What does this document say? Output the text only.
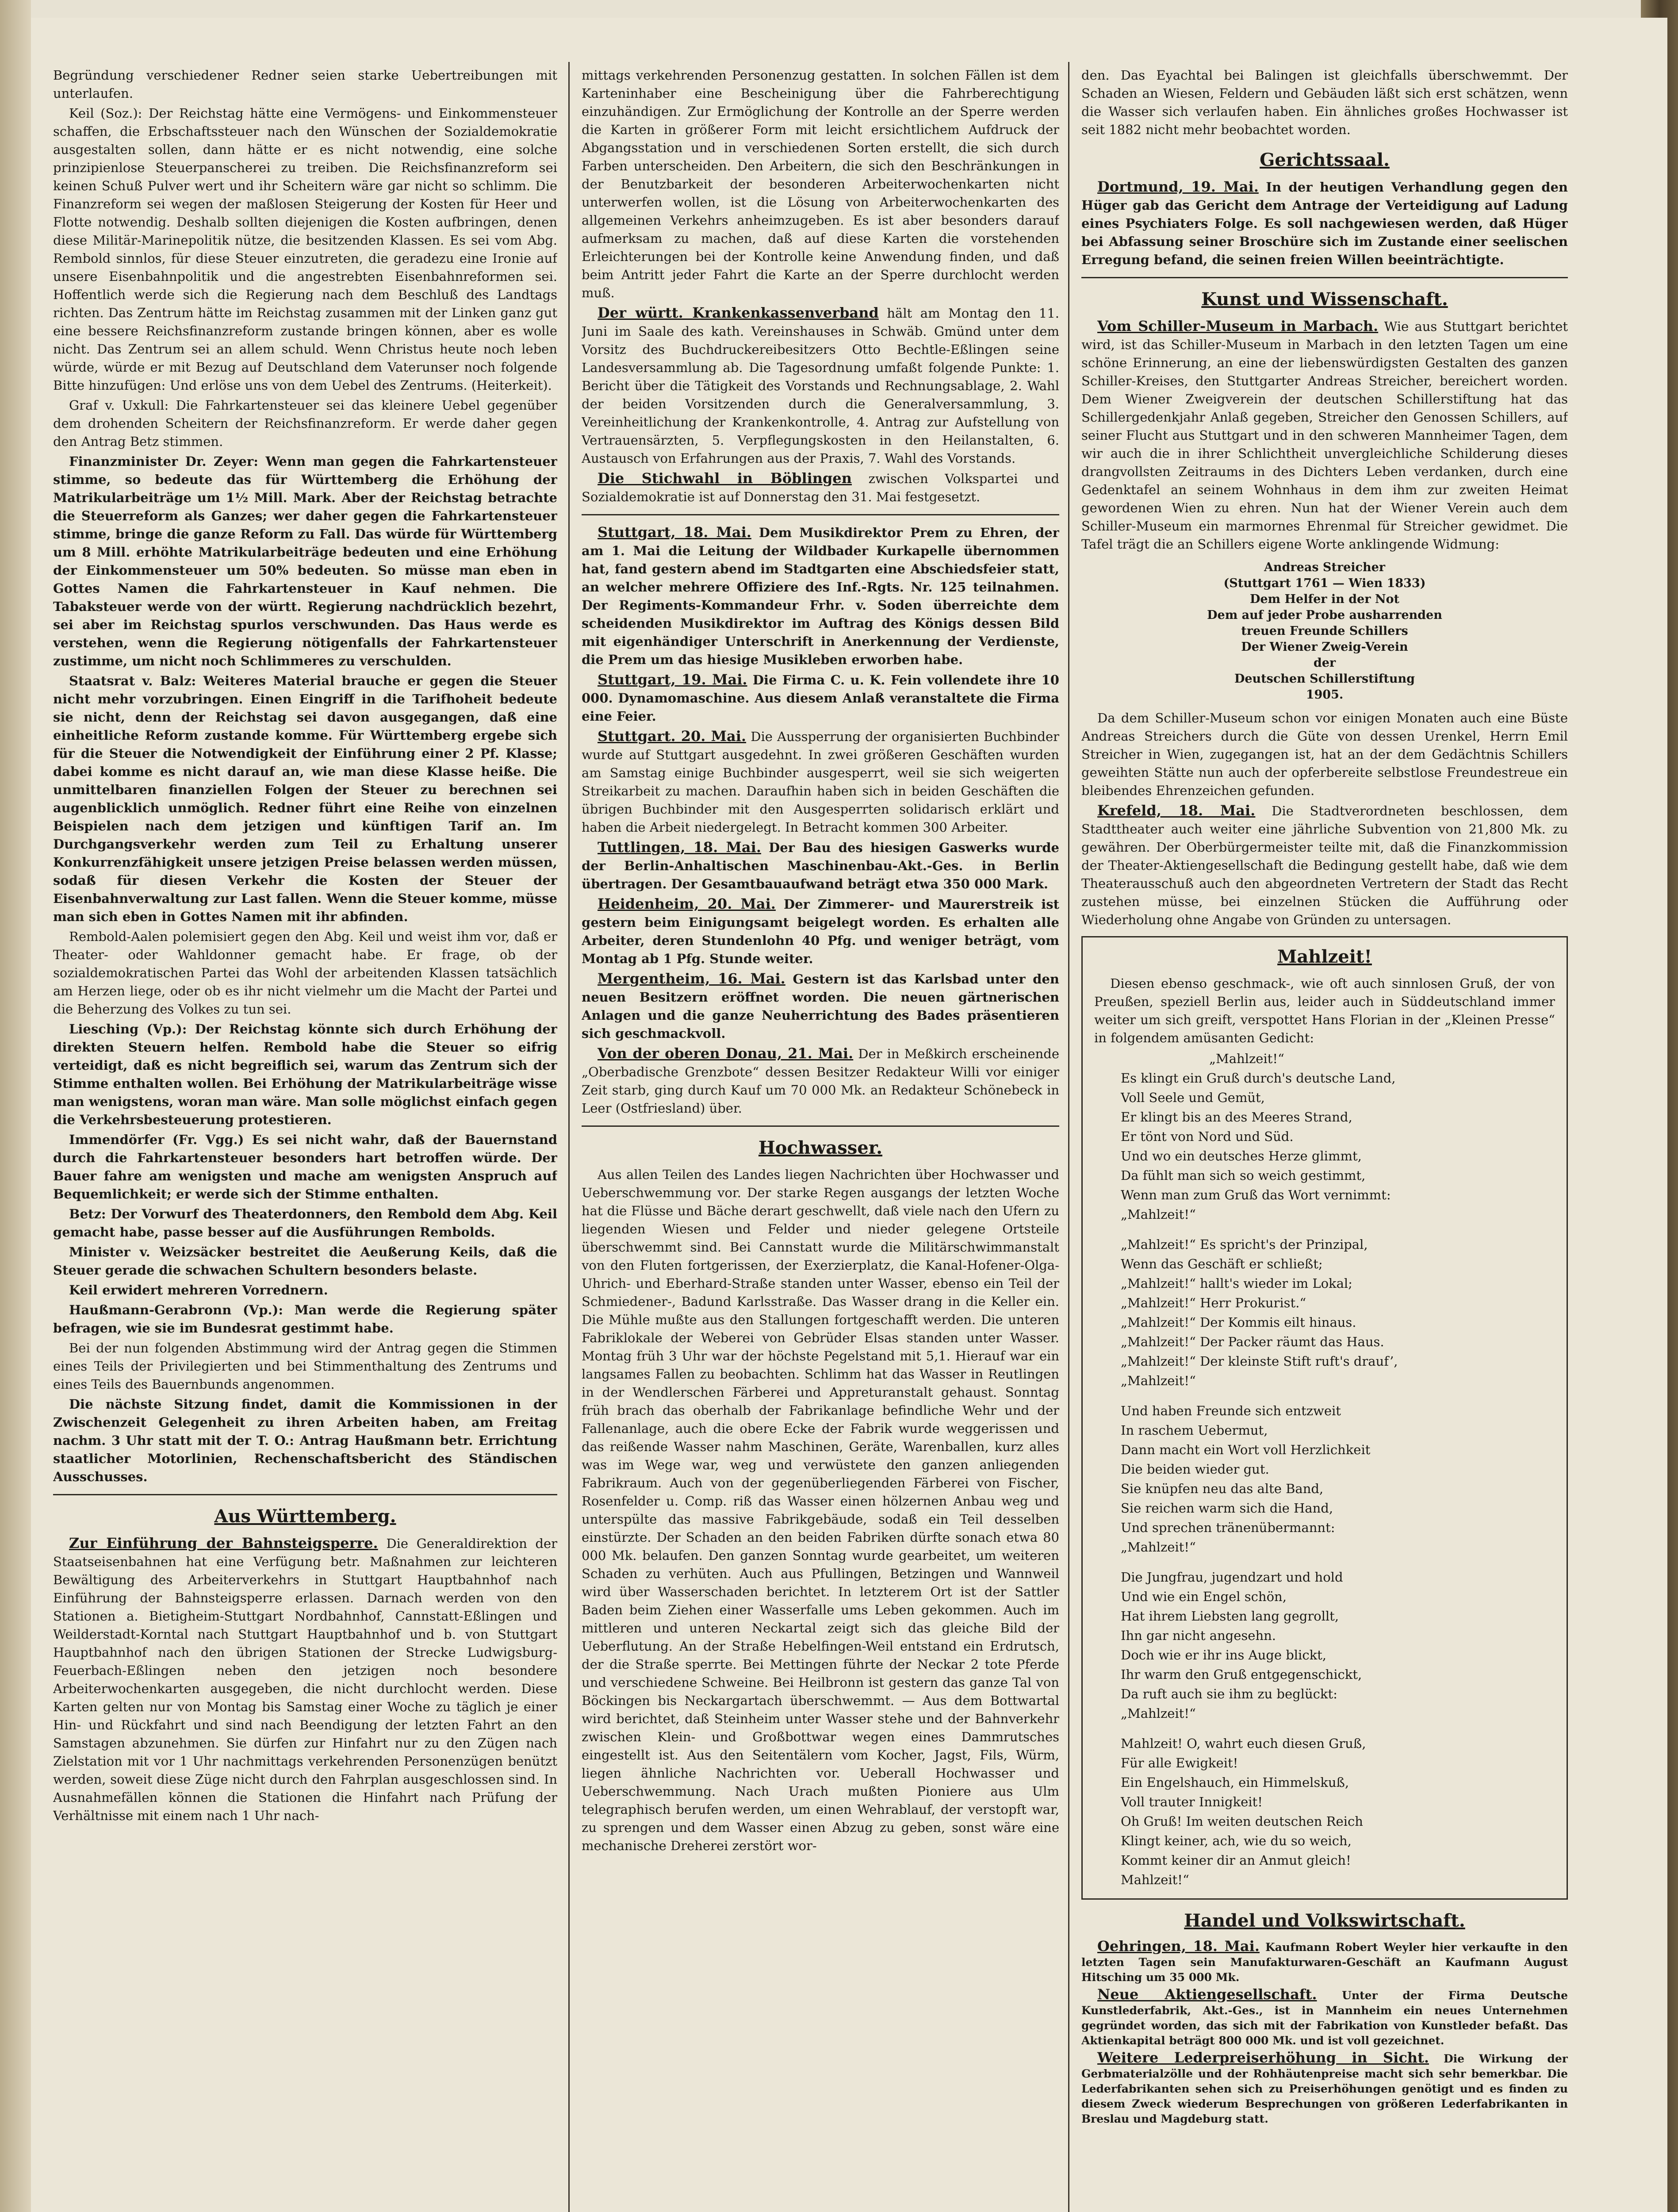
Begründung verschiedener Redner seien starke Uebertreibungen mit unterlaufen.

Keil (Soz.): Der Reichstag hätte eine Vermögens- und Einkommensteuer schaffen, die Erbschaftssteuer nach den Wünschen der Sozialdemokratie ausgestalten sollen, dann hätte er es nicht notwendig, eine solche prinzipienlose Steuerpanscherei zu treiben. Die Reichsfinanzreform sei keinen Schuß Pulver wert und ihr Scheitern wäre gar nicht so schlimm. Die Finanzreform sei wegen der maßlosen Steigerung der Kosten für Heer und Flotte notwendig. Deshalb sollten diejenigen die Kosten aufbringen, denen diese Militär-Marinepolitik nütze, die besitzenden Klassen. Es sei vom Abg. Rembold sinnlos, für diese Steuer einzutreten, die geradezu eine Ironie auf unsere Eisenbahnpolitik und die angestrebten Eisenbahnreformen sei. Hoffentlich werde sich die Regierung nach dem Beschluß des Landtags richten. Das Zentrum hätte im Reichstag zusammen mit der Linken ganz gut eine bessere Reichsfinanzreform zustande bringen können, aber es wolle nicht. Das Zentrum sei an allem schuld. Wenn Christus heute noch leben würde, würde er mit Bezug auf Deutschland dem Vaterunser noch folgende Bitte hinzufügen: Und erlöse uns von dem Uebel des Zentrums. (Heiterkeit).

Graf v. Uxkull: Die Fahrkartensteuer sei das kleinere Uebel gegenüber dem drohenden Scheitern der Reichsfinanzreform. Er werde daher gegen den Antrag Betz stimmen.

Finanzminister Dr. Zeyer: Wenn man gegen die Fahrkartensteuer stimme, so bedeute das für Württemberg die Erhöhung der Matrikularbeiträge um 1½ Mill. Mark. Aber der Reichstag betrachte die Steuerreform als Ganzes; wer daher gegen die Fahrkartensteuer stimme, bringe die ganze Reform zu Fall. Das würde für Württemberg um 8 Mill. erhöhte Matrikularbeiträge bedeuten und eine Erhöhung der Einkommensteuer um 50% bedeuten. So müsse man eben in Gottes Namen die Fahrkartensteuer in Kauf nehmen. Die Tabaksteuer werde von der württ. Regierung nachdrücklich bezehrt, sei aber im Reichstag spurlos verschwunden. Das Haus werde es verstehen, wenn die Regierung nötigenfalls der Fahrkartensteuer zustimme, um nicht noch Schlimmeres zu verschulden.

Staatsrat v. Balz: Weiteres Material brauche er gegen die Steuer nicht mehr vorzubringen. Einen Eingriff in die Tarifhoheit bedeute sie nicht, denn der Reichstag sei davon ausgegangen, daß eine einheitliche Reform zustande komme. Für Württemberg ergebe sich für die Steuer die Notwendigkeit der Einführung einer 2 Pf. Klasse; dabei komme es nicht darauf an, wie man diese Klasse heiße. Die unmittelbaren finanziellen Folgen der Steuer zu berechnen sei augenblicklich unmöglich. Redner führt eine Reihe von einzelnen Beispielen nach dem jetzigen und künftigen Tarif an. Im Durchgangsverkehr werden zum Teil zu Erhaltung unserer Konkurrenzfähigkeit unsere jetzigen Preise belassen werden müssen, sodaß für diesen Verkehr die Kosten der Steuer der Eisenbahnverwaltung zur Last fallen. Wenn die Steuer komme, müsse man sich eben in Gottes Namen mit ihr abfinden.

Rembold-Aalen polemisiert gegen den Abg. Keil und weist ihm vor, daß er Theater- oder Wahldonner gemacht habe. Er frage, ob der sozialdemokratischen Partei das Wohl der arbeitenden Klassen tatsächlich am Herzen liege, oder ob es ihr nicht vielmehr um die Macht der Partei und die Beherzung des Volkes zu tun sei.

Liesching (Vp.): Der Reichstag könnte sich durch Erhöhung der direkten Steuern helfen. Rembold habe die Steuer so eifrig verteidigt, daß es nicht begreiflich sei, warum das Zentrum sich der Stimme enthalten wollen. Bei Erhöhung der Matrikularbeiträge wisse man wenigstens, woran man wäre. Man solle möglichst einfach gegen die Verkehrsbesteuerung protestieren.

Immendörfer (Fr. Vgg.) Es sei nicht wahr, daß der Bauernstand durch die Fahrkartensteuer besonders hart betroffen würde. Der Bauer fahre am wenigsten und mache am wenigsten Anspruch auf Bequemlichkeit; er werde sich der Stimme enthalten.

Betz: Der Vorwurf des Theaterdonners, den Rembold dem Abg. Keil gemacht habe, passe besser auf die Ausführungen Rembolds.

Minister v. Weizsäcker bestreitet die Aeußerung Keils, daß die Steuer gerade die schwachen Schultern besonders belaste.

Keil erwidert mehreren Vorrednern.

Haußmann-Gerabronn (Vp.): Man werde die Regierung später befragen, wie sie im Bundesrat gestimmt habe.

Bei der nun folgenden Abstimmung wird der Antrag gegen die Stimmen eines Teils der Privilegierten und bei Stimmenthaltung des Zentrums und eines Teils des Bauernbunds angenommen.

Die nächste Sitzung findet, damit die Kommissionen in der Zwischenzeit Gelegenheit zu ihren Arbeiten haben, am Freitag nachm. 3 Uhr statt mit der T. O.: Antrag Haußmann betr. Errichtung staatlicher Motorlinien, Rechenschaftsbericht des Ständischen Ausschusses.

Aus Württemberg.

Zur Einführung der Bahnsteigsperre. Die Generaldirektion der Staatseisenbahnen hat eine Verfügung betr. Maßnahmen zur leichteren Bewältigung des Arbeiterverkehrs in Stuttgart Hauptbahnhof nach Einführung der Bahnsteigsperre erlassen. Darnach werden von den Stationen a. Bietigheim-Stuttgart Nordbahnhof, Cannstatt-Eßlingen und Weilderstadt-Korntal nach Stuttgart Hauptbahnhof und b. von Stuttgart Hauptbahnhof nach den übrigen Stationen der Strecke Ludwigsburg-Feuerbach-Eßlingen neben den jetzigen noch besondere Arbeiterwochenkarten ausgegeben, die nicht durchlocht werden. Diese Karten gelten nur von Montag bis Samstag einer Woche zu täglich je einer Hin- und Rückfahrt und sind nach Beendigung der letzten Fahrt an den Samstagen abzunehmen. Sie dürfen zur Hinfahrt nur zu den Zügen nach Zielstation mit vor 1 Uhr nachmittags verkehrenden Personenzügen benützt werden, soweit diese Züge nicht durch den Fahrplan ausgeschlossen sind. In Ausnahmefällen können die Stationen die Hinfahrt nach Prüfung der Verhältnisse mit einem nach 1 Uhr nach-

mittags verkehrenden Personenzug gestatten. In solchen Fällen ist dem Karteninhaber eine Bescheinigung über die Fahrberechtigung einzuhändigen. Zur Ermöglichung der Kontrolle an der Sperre werden die Karten in größerer Form mit leicht ersichtlichem Aufdruck der Abgangsstation und in verschiedenen Sorten erstellt, die sich durch Farben unterscheiden. Den Arbeitern, die sich den Beschränkungen in der Benutzbarkeit der besonderen Arbeiterwochenkarten nicht unterwerfen wollen, ist die Lösung von Arbeiterwochenkarten des allgemeinen Verkehrs anheimzugeben. Es ist aber besonders darauf aufmerksam zu machen, daß auf diese Karten die vorstehenden Erleichterungen bei der Kontrolle keine Anwendung finden, und daß beim Antritt jeder Fahrt die Karte an der Sperre durchlocht werden muß.

Der württ. Krankenkassenverband hält am Montag den 11. Juni im Saale des kath. Vereinshauses in Schwäb. Gmünd unter dem Vorsitz des Buchdruckereibesitzers Otto Bechtle-Eßlingen seine Landesversammlung ab. Die Tagesordnung umfaßt folgende Punkte: 1. Bericht über die Tätigkeit des Vorstands und Rechnungsablage, 2. Wahl der beiden Vorsitzenden durch die Generalversammlung, 3. Vereinheitlichung der Krankenkontrolle, 4. Antrag zur Aufstellung von Vertrauensärzten, 5. Verpflegungskosten in den Heilanstalten, 6. Austausch von Erfahrungen aus der Praxis, 7. Wahl des Vorstands.

Die Stichwahl in Böblingen zwischen Volkspartei und Sozialdemokratie ist auf Donnerstag den 31. Mai festgesetzt.

Stuttgart, 18. Mai. Dem Musikdirektor Prem zu Ehren, der am 1. Mai die Leitung der Wildbader Kurkapelle übernommen hat, fand gestern abend im Stadtgarten eine Abschiedsfeier statt, an welcher mehrere Offiziere des Inf.-Rgts. Nr. 125 teilnahmen. Der Regiments-Kommandeur Frhr. v. Soden überreichte dem scheidenden Musikdirektor im Auftrag des Königs dessen Bild mit eigenhändiger Unterschrift in Anerkennung der Verdienste, die Prem um das hiesige Musikleben erworben habe.

Stuttgart, 19. Mai. Die Firma C. u. K. Fein vollendete ihre 10 000. Dynamomaschine. Aus diesem Anlaß veranstaltete die Firma eine Feier.

Stuttgart. 20. Mai. Die Aussperrung der organisierten Buchbinder wurde auf Stuttgart ausgedehnt. In zwei größeren Geschäften wurden am Samstag einige Buchbinder ausgesperrt, weil sie sich weigerten Streikarbeit zu machen. Daraufhin haben sich in beiden Geschäften die übrigen Buchbinder mit den Ausgesperrten solidarisch erklärt und haben die Arbeit niedergelegt. In Betracht kommen 300 Arbeiter.

Tuttlingen, 18. Mai. Der Bau des hiesigen Gaswerks wurde der Berlin-Anhaltischen Maschinenbau-Akt.-Ges. in Berlin übertragen. Der Gesamtbauaufwand beträgt etwa 350 000 Mark.

Heidenheim, 20. Mai. Der Zimmerer- und Maurerstreik ist gestern beim Einigungsamt beigelegt worden. Es erhalten alle Arbeiter, deren Stundenlohn 40 Pfg. und weniger beträgt, vom Montag ab 1 Pfg. Stunde weiter.

Mergentheim, 16. Mai. Gestern ist das Karlsbad unter den neuen Besitzern eröffnet worden. Die neuen gärtnerischen Anlagen und die ganze Neuherrichtung des Bades präsentieren sich geschmackvoll.

Von der oberen Donau, 21. Mai. Der in Meßkirch erscheinende „Oberbadische Grenzbote“ dessen Besitzer Redakteur Willi vor einiger Zeit starb, ging durch Kauf um 70 000 Mk. an Redakteur Schönebeck in Leer (Ostfriesland) über.

Hochwasser.

Aus allen Teilen des Landes liegen Nachrichten über Hochwasser und Ueberschwemmung vor. Der starke Regen ausgangs der letzten Woche hat die Flüsse und Bäche derart geschwellt, daß viele nach den Ufern zu liegenden Wiesen und Felder und nieder gelegene Ortsteile überschwemmt sind. Bei Cannstatt wurde die Militärschwimmanstalt von den Fluten fortgerissen, der Exerzierplatz, die Kanal-Hofener-Olga-Uhrich- und Eberhard-Straße standen unter Wasser, ebenso ein Teil der Schmiedener-, Badund Karlsstraße. Das Wasser drang in die Keller ein. Die Mühle mußte aus den Stallungen fortgeschafft werden. Die unteren Fabriklokale der Weberei von Gebrüder Elsas standen unter Wasser. Montag früh 3 Uhr war der höchste Pegelstand mit 5,1. Hierauf war ein langsames Fallen zu beobachten. Schlimm hat das Wasser in Reutlingen in der Wendlerschen Färberei und Appreturanstalt gehaust. Sonntag früh brach das oberhalb der Fabrikanlage befindliche Wehr und der Fallenanlage, auch die obere Ecke der Fabrik wurde weggerissen und das reißende Wasser nahm Maschinen, Geräte, Warenballen, kurz alles was im Wege war, weg und verwüstete den ganzen anliegenden Fabrikraum. Auch von der gegenüberliegenden Färberei von Fischer, Rosenfelder u. Comp. riß das Wasser einen hölzernen Anbau weg und unterspülte das massive Fabrikgebäude, sodaß ein Teil desselben einstürzte. Der Schaden an den beiden Fabriken dürfte sonach etwa 80 000 Mk. belaufen. Den ganzen Sonntag wurde gearbeitet, um weiteren Schaden zu verhüten. Auch aus Pfullingen, Betzingen und Wannweil wird über Wasserschaden berichtet. In letzterem Ort ist der Sattler Baden beim Ziehen einer Wasserfalle ums Leben gekommen. Auch im mittleren und unteren Neckartal zeigt sich das gleiche Bild der Ueberflutung. An der Straße Hebelfingen-Weil entstand ein Erdrutsch, der die Straße sperrte. Bei Mettingen führte der Neckar 2 tote Pferde und verschiedene Schweine. Bei Heilbronn ist gestern das ganze Tal von Böckingen bis Neckargartach überschwemmt. — Aus dem Bottwartal wird berichtet, daß Steinheim unter Wasser stehe und der Bahnverkehr zwischen Klein- und Großbottwar wegen eines Dammrutsches eingestellt ist. Aus den Seitentälern vom Kocher, Jagst, Fils, Würm, liegen ähnliche Nachrichten vor. Ueberall Hochwasser und Ueberschwemmung. Nach Urach mußten Pioniere aus Ulm telegraphisch berufen werden, um einen Wehrablauf, der verstopft war, zu sprengen und dem Wasser einen Abzug zu geben, sonst wäre eine mechanische Dreherei zerstört wor-

den. Das Eyachtal bei Balingen ist gleichfalls überschwemmt. Der Schaden an Wiesen, Feldern und Gebäuden läßt sich erst schätzen, wenn die Wasser sich verlaufen haben. Ein ähnliches großes Hochwasser ist seit 1882 nicht mehr beobachtet worden.

Gerichtssaal.

Dortmund, 19. Mai. In der heutigen Verhandlung gegen den Hüger gab das Gericht dem Antrage der Verteidigung auf Ladung eines Psychiaters Folge. Es soll nachgewiesen werden, daß Hüger bei Abfassung seiner Broschüre sich im Zustande einer seelischen Erregung befand, die seinen freien Willen beeinträchtigte.

Kunst und Wissenschaft.

Vom Schiller-Museum in Marbach. Wie aus Stuttgart berichtet wird, ist das Schiller-Museum in Marbach in den letzten Tagen um eine schöne Erinnerung, an eine der liebenswürdigsten Gestalten des ganzen Schiller-Kreises, den Stuttgarter Andreas Streicher, bereichert worden. Dem Wiener Zweigverein der deutschen Schillerstiftung hat das Schillergedenkjahr Anlaß gegeben, Streicher den Genossen Schillers, auf seiner Flucht aus Stuttgart und in den schweren Mannheimer Tagen, dem wir auch die in ihrer Schlichtheit unvergleichliche Schilderung dieses drangvollsten Zeitraums in des Dichters Leben verdanken, durch eine Gedenktafel an seinem Wohnhaus in dem ihm zur zweiten Heimat gewordenen Wien zu ehren. Nun hat der Wiener Verein auch dem Schiller-Museum ein marmornes Ehrenmal für Streicher gewidmet. Die Tafel trägt die an Schillers eigene Worte anklingende Widmung:

Andreas Streicher
(Stuttgart 1761 — Wien 1833)
Dem Helfer in der Not
Dem auf jeder Probe ausharrenden
treuen Freunde Schillers
Der Wiener Zweig-Verein
der
Deutschen Schillerstiftung
1905.

Da dem Schiller-Museum schon vor einigen Monaten auch eine Büste Andreas Streichers durch die Güte von dessen Urenkel, Herrn Emil Streicher in Wien, zugegangen ist, hat an der dem Gedächtnis Schillers geweihten Stätte nun auch der opferbereite selbstlose Freundestreue ein bleibendes Ehrenzeichen gefunden.

Krefeld, 18. Mai. Die Stadtverordneten beschlossen, dem Stadttheater auch weiter eine jährliche Subvention von 21,800 Mk. zu gewähren. Der Oberbürgermeister teilte mit, daß die Finanzkommission der Theater-Aktiengesellschaft die Bedingung gestellt habe, daß wie dem Theaterausschuß auch den abgeordneten Vertretern der Stadt das Recht zustehen müsse, bei einzelnen Stücken die Aufführung oder Wiederholung ohne Angabe von Gründen zu untersagen.

Mahlzeit!

Diesen ebenso geschmack-, wie oft auch sinnlosen Gruß, der von Preußen, speziell Berlin aus, leider auch in Süddeutschland immer weiter um sich greift, verspottet Hans Florian in der „Kleinen Presse“ in folgendem amüsanten Gedicht:

„Mahlzeit!“
Es klingt ein Gruß durch's deutsche Land,
Voll Seele und Gemüt,
Er klingt bis an des Meeres Strand,
Er tönt von Nord und Süd.
Und wo ein deutsches Herze glimmt,
Da fühlt man sich so weich gestimmt,
Wenn man zum Gruß das Wort vernimmt:
„Mahlzeit!“
„Mahlzeit!“ Es spricht's der Prinzipal,
Wenn das Geschäft er schließt;
„Mahlzeit!“ hallt's wieder im Lokal;
„Mahlzeit!“ Herr Prokurist.“
„Mahlzeit!“ Der Kommis eilt hinaus.
„Mahlzeit!“ Der Packer räumt das Haus.
„Mahlzeit!“ Der kleinste Stift ruft's drauf’,
„Mahlzeit!“
Und haben Freunde sich entzweit
In raschem Uebermut,
Dann macht ein Wort voll Herzlichkeit
Die beiden wieder gut.
Sie knüpfen neu das alte Band,
Sie reichen warm sich die Hand,
Und sprechen tränenübermannt:
„Mahlzeit!“
Die Jungfrau, jugendzart und hold
Und wie ein Engel schön,
Hat ihrem Liebsten lang gegrollt,
Ihn gar nicht angesehn.
Doch wie er ihr ins Auge blickt,
Ihr warm den Gruß entgegenschickt,
Da ruft auch sie ihm zu beglückt:
„Mahlzeit!“
Mahlzeit! O, wahrt euch diesen Gruß,
Für alle Ewigkeit!
Ein Engelshauch, ein Himmelskuß,
Voll trauter Innigkeit!
Oh Gruß! Im weiten deutschen Reich
Klingt keiner, ach, wie du so weich,
Kommt keiner dir an Anmut gleich!
Mahlzeit!“
Handel und Volkswirtschaft.

Oehringen, 18. Mai. Kaufmann Robert Weyler hier verkaufte in den letzten Tagen sein Manufakturwaren-Geschäft an Kaufmann August Hitsching um 35 000 Mk.

Neue Aktiengesellschaft. Unter der Firma Deutsche Kunstlederfabrik, Akt.-Ges., ist in Mannheim ein neues Unternehmen gegründet worden, das sich mit der Fabrikation von Kunstleder befaßt. Das Aktienkapital beträgt 800 000 Mk. und ist voll gezeichnet.

Weitere Lederpreiserhöhung in Sicht. Die Wirkung der Gerbmaterialzölle und der Rohhäutenpreise macht sich sehr bemerkbar. Die Lederfabrikanten sehen sich zu Preiserhöhungen genötigt und es finden zu diesem Zweck wiederum Besprechungen von größeren Lederfabrikanten in Breslau und Magdeburg statt.
